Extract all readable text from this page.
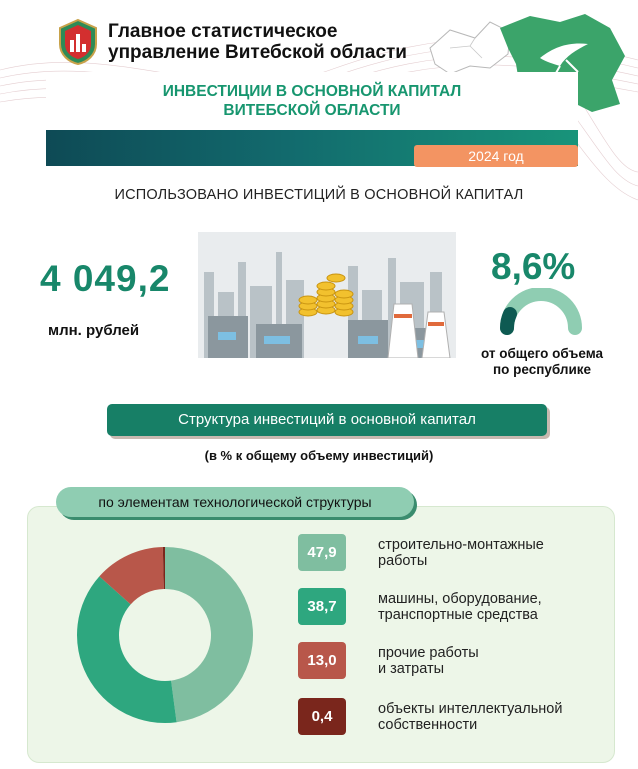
Главное статистическое
управление Витебской области
ИНВЕСТИЦИИ В ОСНОВНОЙ КАПИТАЛ
ВИТЕБСКОЙ ОБЛАСТИ
2024 год
ИСПОЛЬЗОВАНО ИНВЕСТИЦИЙ В ОСНОВНОЙ КАПИТАЛ
4 049,2
млн. рублей
8,6%
от общего объема
по республике
Структура инвестиций в основной капитал
(в % к общему объему инвестиций)
по элементам технологической структуры
47,9	строительно-монтажные
работы
38,7	машины, оборудование,
транспортные средства
13,0	прочие работы
и затраты
0,4	объекты интеллектуальной
собственности
